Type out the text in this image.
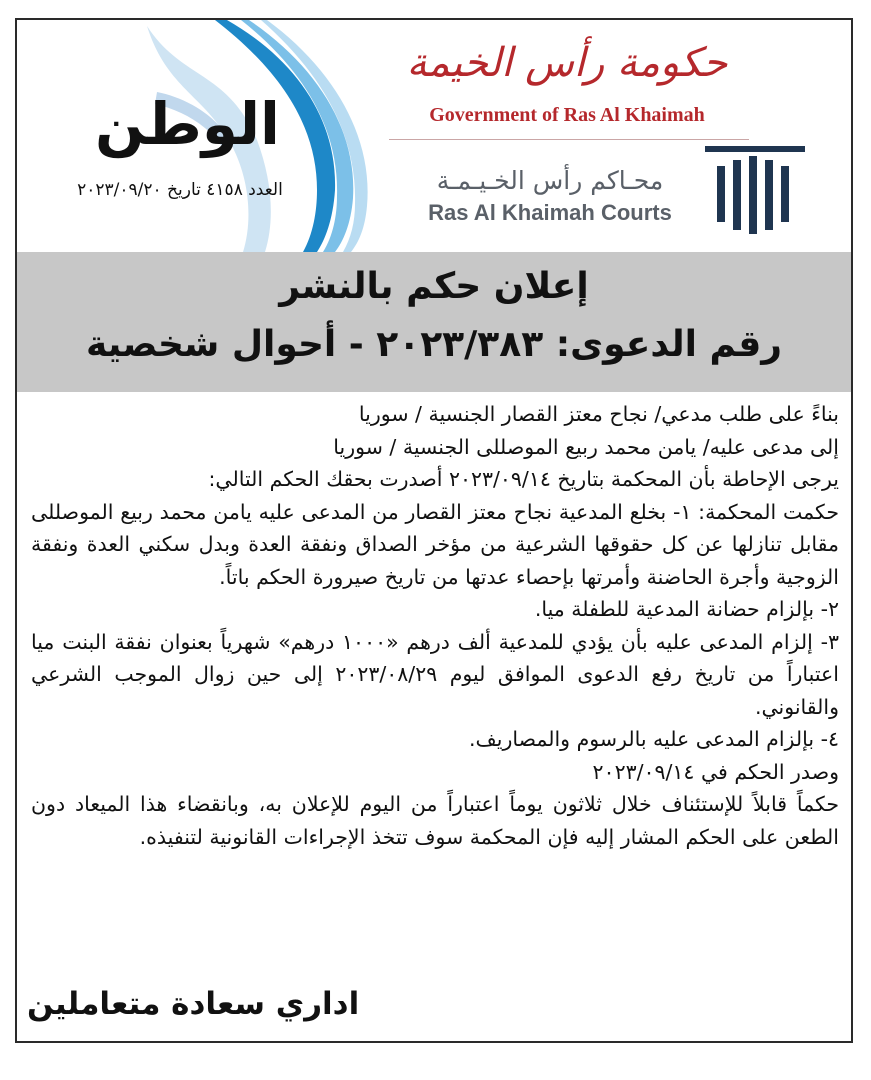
الوطن
العدد ٤١٥٨ تاريخ ٢٠٢٣/٠٩/٢٠
حكومة رأس الخيمة
Government of Ras Al Khaimah
محـاكم رأس الخـيـمـة
Ras Al Khaimah Courts
إعلان حكم بالنشر
رقم الدعوى: ٢٠٢٣/٣٨٣ - أحوال شخصية

بناءً على طلب مدعي/ نجاح معتز القصار الجنسية / سوريا

إلى مدعى عليه/ يامن محمد ربيع الموصللى الجنسية / سوريا

يرجى الإحاطة بأن المحكمة بتاريخ ٢٠٢٣/٠٩/١٤ أصدرت بحقك الحكم التالي:

حكمت المحكمة: ١- بخلع المدعية نجاح معتز القصار من المدعى عليه يامن محمد ربيع الموصللى مقابل تنازلها عن كل حقوقها الشرعية من مؤخر الصداق ونفقة العدة وبدل سكني العدة ونفقة الزوجية وأجرة الحاضنة وأمرتها بإحصاء عدتها من تاريخ صيرورة الحكم باتاً.

٢- بإلزام حضانة المدعية للطفلة ميا.

٣- إلزام المدعى عليه بأن يؤدي للمدعية ألف درهم «١٠٠٠ درهم» شهرياً بعنوان نفقة البنت ميا اعتباراً من تاريخ رفع الدعوى الموافق ليوم ٢٠٢٣/٠٨/٢٩ إلى حين زوال الموجب الشرعي والقانوني.

٤- بإلزام المدعى عليه بالرسوم والمصاريف.

وصدر الحكم في ٢٠٢٣/٠٩/١٤

حكماً قابلاً للإستئناف خلال ثلاثون يوماً اعتباراً من اليوم للإعلان به، وبانقضاء هذا الميعاد دون الطعن على الحكم المشار إليه فإن المحكمة سوف تتخذ الإجراءات القانونية لتنفيذه.

اداري سعادة متعاملين
